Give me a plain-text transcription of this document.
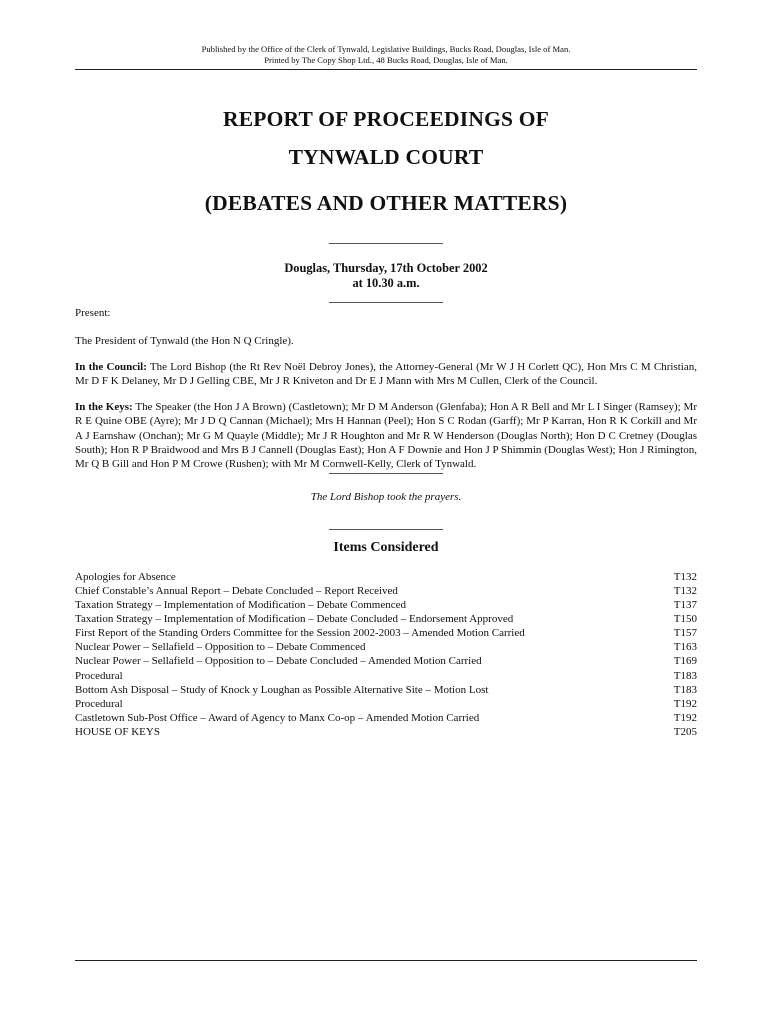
Published by the Office of the Clerk of Tynwald, Legislative Buildings, Bucks Road, Douglas, Isle of Man.
Printed by The Copy Shop Ltd., 48 Bucks Road, Douglas, Isle of Man.
REPORT OF PROCEEDINGS OF
TYNWALD COURT
(DEBATES AND OTHER MATTERS)
Douglas, Thursday, 17th October 2002
at 10.30 a.m.

Present:

The President of Tynwald (the Hon N Q Cringle).

In the Council: The Lord Bishop (the Rt Rev Noël Debroy Jones), the Attorney-General (Mr W J H Corlett QC), Hon Mrs C M Christian, Mr D F K Delaney, Mr D J Gelling CBE, Mr J R Kniveton and Dr E J Mann with Mrs M Cullen, Clerk of the Council.

In the Keys: The Speaker (the Hon J A Brown) (Castletown); Mr D M Anderson (Glenfaba); Hon A R Bell and Mr L I Singer (Ramsey); Mr R E Quine OBE (Ayre); Mr J D Q Cannan (Michael); Mrs H Hannan (Peel); Hon S C Rodan (Garff); Mr P Karran, Hon R K Corkill and Mr A J Earnshaw (Onchan); Mr G M Quayle (Middle); Mr J R Houghton and Mr R W Henderson (Douglas North); Hon D C Cretney (Douglas South); Hon R P Braidwood and Mrs B J Cannell (Douglas East); Hon A F Downie and Hon J P Shimmin (Douglas West); Hon J Rimington, Mr Q B Gill and Hon P M Crowe (Rushen); with Mr M Cornwell-Kelly, Clerk of Tynwald.

The Lord Bishop took the prayers.
Items Considered
Apologies for Absence	T132
Chief Constable’s Annual Report – Debate Concluded – Report Received	T132
Taxation Strategy – Implementation of Modification – Debate Commenced	T137
Taxation Strategy – Implementation of Modification – Debate Concluded – Endorsement Approved	T150
First Report of the Standing Orders Committee for the Session 2002-2003 – Amended Motion Carried	T157
Nuclear Power – Sellafield – Opposition to – Debate Commenced	T163
Nuclear Power – Sellafield – Opposition to – Debate Concluded – Amended Motion Carried	T169
Procedural	T183
Bottom Ash Disposal – Study of Knock y Loughan as Possible Alternative Site – Motion Lost	T183
Procedural	T192
Castletown Sub-Post Office – Award of Agency to Manx Co-op – Amended Motion Carried	T192
HOUSE OF KEYS	T205
